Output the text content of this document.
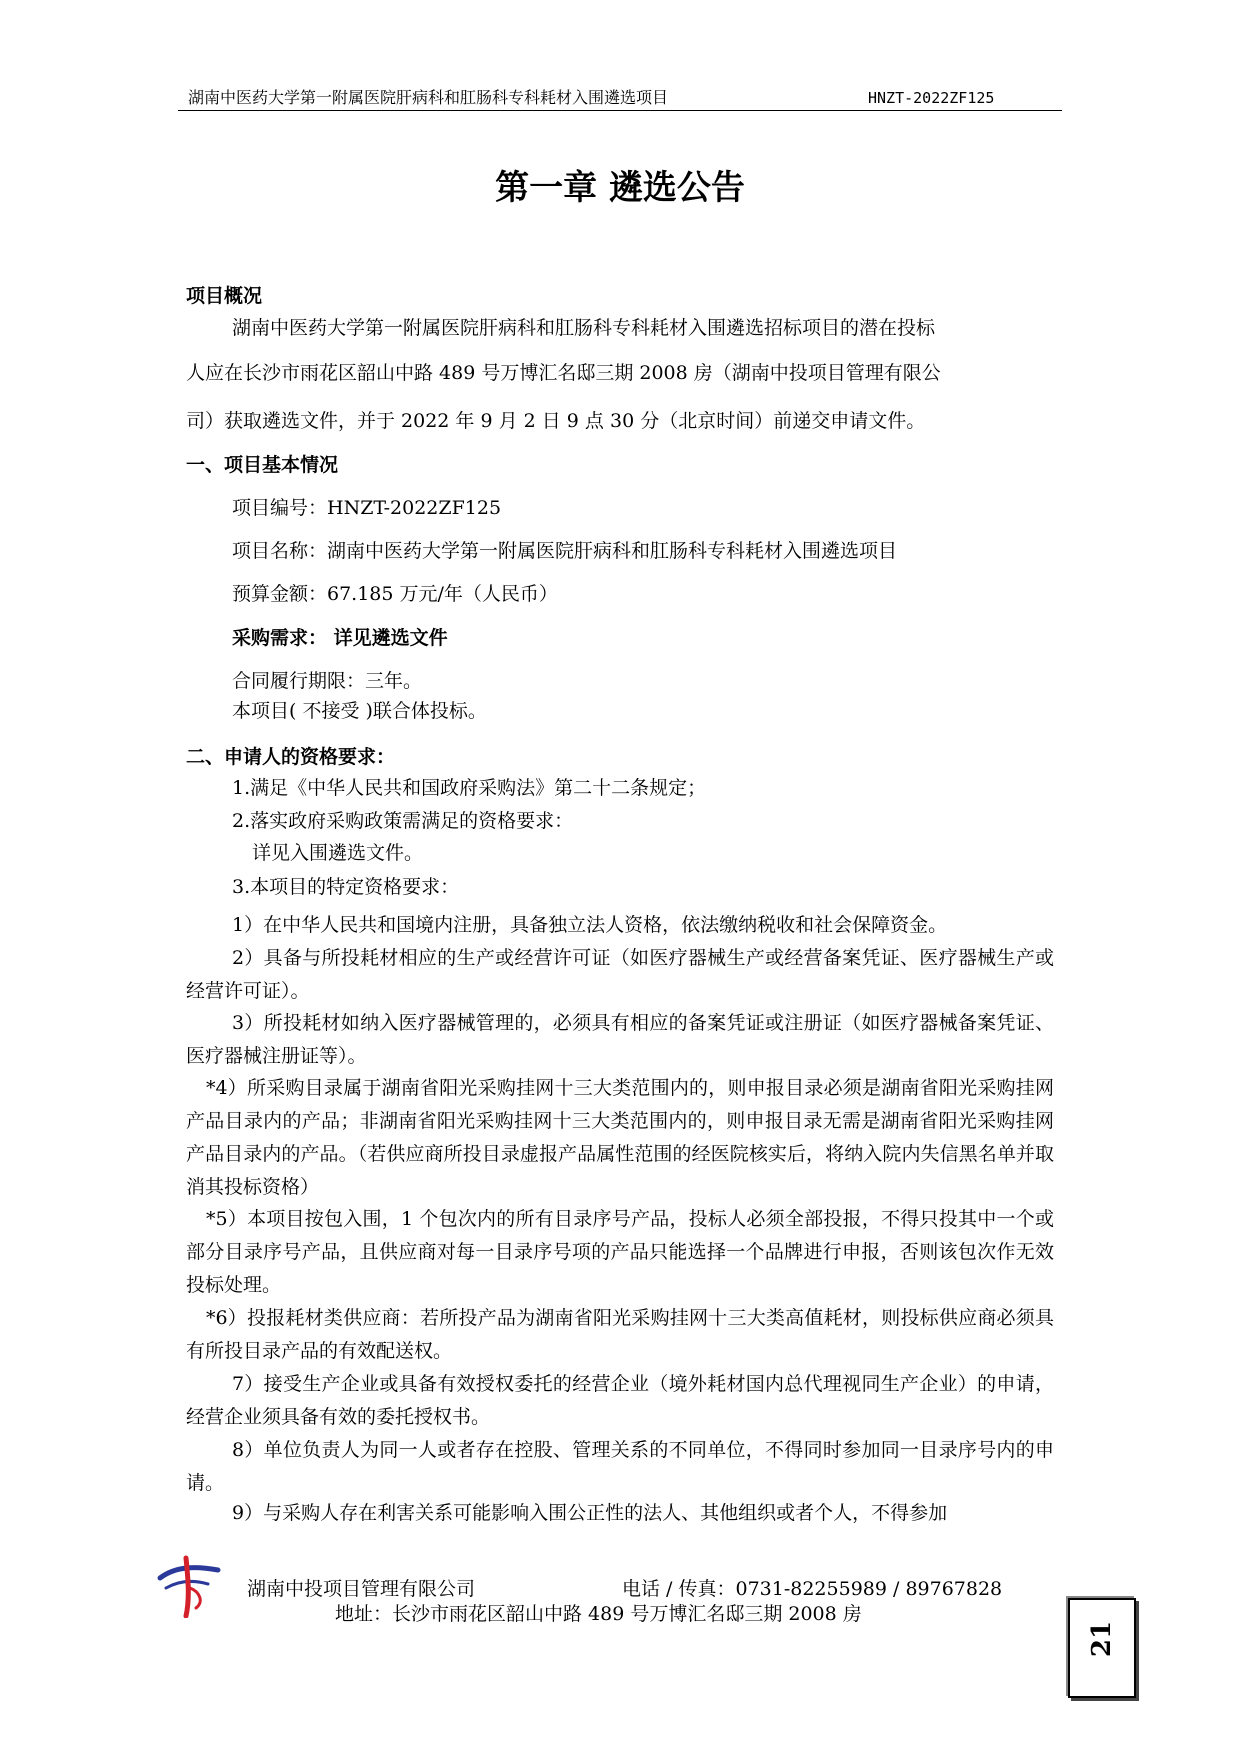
湖南中医药大学第一附属医院肝病科和肛肠科专科耗材入围遴选项目	HNZT-2022ZF125
第一章 遴选公告
项目概况
湖南中医药大学第一附属医院肝病科和肛肠科专科耗材入围遴选招标项目的潜在投标
人应在长沙市雨花区韶山中路 489 号万博汇名邸三期 2008 房（湖南中投项目管理有限公
司）获取遴选文件，并于 2022 年 9 月 2 日 9 点 30 分（北京时间）前递交申请文件。
一、项目基本情况
项目编号：HNZT-2022ZF125
项目名称：湖南中医药大学第一附属医院肝病科和肛肠科专科耗材入围遴选项目
预算金额：67.185 万元/年（人民币）
采购需求： 详见遴选文件
合同履行期限：三年。
本项目( 不接受 )联合体投标。
二、申请人的资格要求：
1.满足《中华人民共和国政府采购法》第二十二条规定；
2.落实政府采购政策需满足的资格要求：
详见入围遴选文件。
3.本项目的特定资格要求：
1）在中华人民共和国境内注册，具备独立法人资格，依法缴纳税收和社会保障资金。
2）具备与所投耗材相应的生产或经营许可证（如医疗器械生产或经营备案凭证、医疗器械生产或经营许可证）。
3）所投耗材如纳入医疗器械管理的，必须具有相应的备案凭证或注册证（如医疗器械备案凭证、医疗器械注册证等）。
*4）所采购目录属于湖南省阳光采购挂网十三大类范围内的，则申报目录必须是湖南省阳光采购挂网产品目录内的产品；非湖南省阳光采购挂网十三大类范围内的，则申报目录无需是湖南省阳光采购挂网产品目录内的产品。（若供应商所投目录虚报产品属性范围的经医院核实后，将纳入院内失信黑名单并取消其投标资格）
*5）本项目按包入围，1 个包次内的所有目录序号产品，投标人必须全部投报，不得只投其中一个或部分目录序号产品，且供应商对每一目录序号项的产品只能选择一个品牌进行申报，否则该包次作无效投标处理。
*6）投报耗材类供应商：若所投产品为湖南省阳光采购挂网十三大类高值耗材，则投标供应商必须具有所投目录产品的有效配送权。
7）接受生产企业或具备有效授权委托的经营企业（境外耗材国内总代理视同生产企业）的申请，经营企业须具备有效的委托授权书。
8）单位负责人为同一人或者存在控股、管理关系的不同单位，不得同时参加同一目录序号内的申请。
9）与采购人存在利害关系可能影响入围公正性的法人、其他组织或者个人，不得参加
湖南中投项目管理有限公司	电话 / 传真：0731-82255989 / 89767828
地址：长沙市雨花区韶山中路 489 号万博汇名邸三期 2008 房
21
